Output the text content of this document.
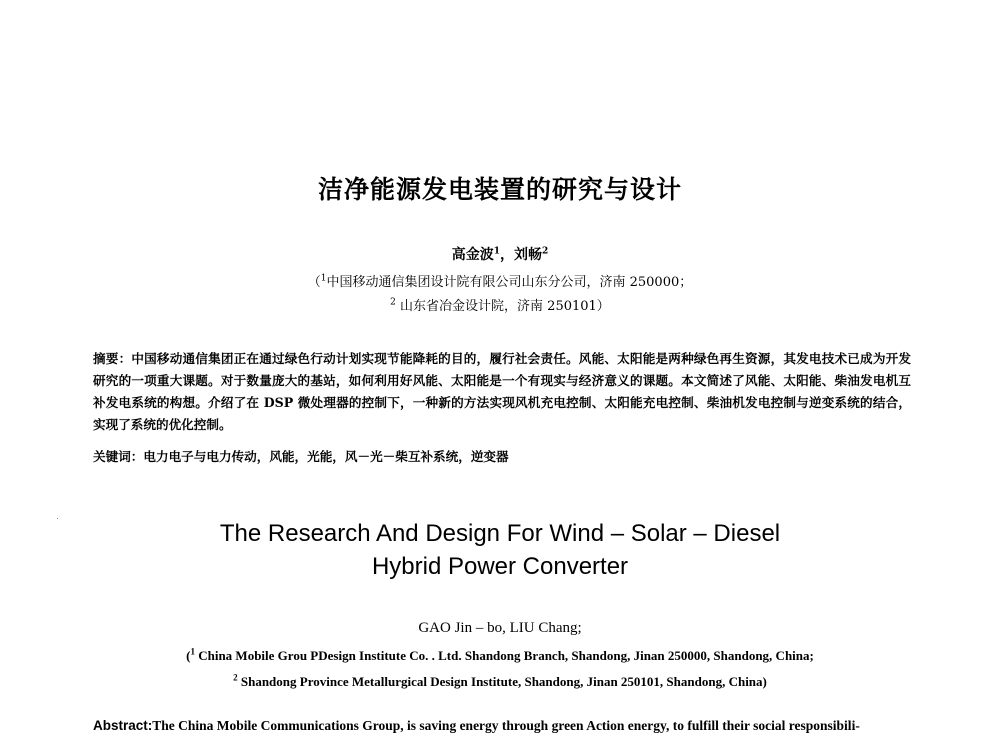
洁净能源发电装置的研究与设计
高金波$^1$，刘畅$^2$
（$^1$中国移动通信集团设计院有限公司山东分公司，济南 250000；
$^2$ 山东省冶金设计院，济南 250101）
摘要：中国移动通信集团正在通过绿色行动计划实现节能降耗的目的，履行社会责任。风能、太阳能是两种绿色再生资源，其发电技术已成为开发研究的一项重大课题。对于数量庞大的基站，如何利用好风能、太阳能是一个有现实与经济意义的课题。本文简述了风能、太阳能、柴油发电机互补发电系统的构想。介绍了在 DSP 微处理器的控制下，一种新的方法实现风机充电控制、太阳能充电控制、柴油机发电控制与逆变系统的结合，实现了系统的优化控制。
关键词：电力电子与电力传动，风能，光能，风－光－柴互补系统，逆变器
The Research And Design For Wind – Solar – Diesel
Hybrid Power Converter
GAO Jin – bo, LIU Chang;
($^1$ China Mobile Grou PDesign Institute Co. . Ltd. Shandong Branch, Shandong, Jinan 250000, Shandong, China;
$^2$ Shandong Province Metallurgical Design Institute, Shandong, Jinan 250101, Shandong, China)
Abstract:The China Mobile Communications Group, is saving energy through green Action energy, to fulfill their social responsibili-
